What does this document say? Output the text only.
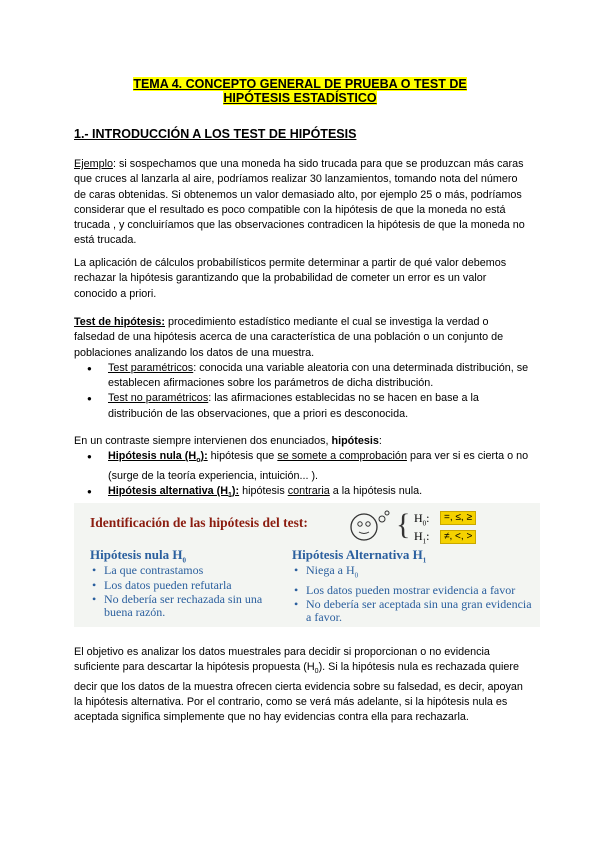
TEMA 4. CONCEPTO GENERAL DE PRUEBA O TEST DE
HIPÓTESIS ESTADÍSTICO
1.- INTRODUCCIÓN A LOS TEST DE HIPÓTESIS
Ejemplo: si sospechamos que una moneda ha sido trucada para que se produzcan más caras que cruces al lanzarla al aire, podríamos realizar 30 lanzamientos, tomando nota del número de caras obtenidas. Si obtenemos un valor demasiado alto, por ejemplo 25 o más, podríamos considerar que el resultado es poco compatible con la hipótesis de que la moneda no está trucada , y concluiríamos que las observaciones contradicen la hipótesis de que la moneda no está trucada.
La aplicación de cálculos probabilísticos permite determinar a partir de qué valor debemos rechazar la hipótesis garantizando que la probabilidad de cometer un error es un valor conocido a priori.
Test de hipótesis: procedimiento estadístico mediante el cual se investiga la verdad o falsedad de una hipótesis acerca de una característica de una población o un conjunto de poblaciones analizando los datos de una muestra.
● Test paramétricos: conocida una variable aleatoria con una determinada distribución, se establecen afirmaciones sobre los parámetros de dicha distribución.
● Test no paramétricos: las afirmaciones establecidas no se hacen en base a la distribución de las observaciones, que a priori es desconocida.
En un contraste siempre intervienen dos enunciados, hipótesis:
● Hipótesis nula $(H_o)$: hipótesis que se somete a comprobación para ver si es cierta o no (surge de la teoría experiencia, intuición... ).
● Hipótesis alternativa $(H_1)$: hipótesis contraria a la hipótesis nula.
Identificación de las hipótesis del test:	{ $H_0$:
$H_1$:
=, ≤, ≥
≠, <, >
Hipótesis nula $H_0$
• La que contrastamos
• Los datos pueden refutarla
• No debería ser rechazada sin una buena razón.
Hipótesis Alternativa $H_1$
• Niega a $H_0$
• Los datos pueden mostrar evidencia a favor
• No debería ser aceptada sin una gran evidencia a favor.
El objetivo es analizar los datos muestrales para decidir si proporcionan o no evidencia suficiente para descartar la hipótesis propuesta $(H_0)$. Si la hipótesis nula es rechazada quiere decir que los datos de la muestra ofrecen cierta evidencia sobre su falsedad, es decir, apoyan la hipótesis alternativa. Por el contrario, como se verá más adelante, si la hipótesis nula es aceptada significa simplemente que no hay evidencias contra ella para rechazarla.
